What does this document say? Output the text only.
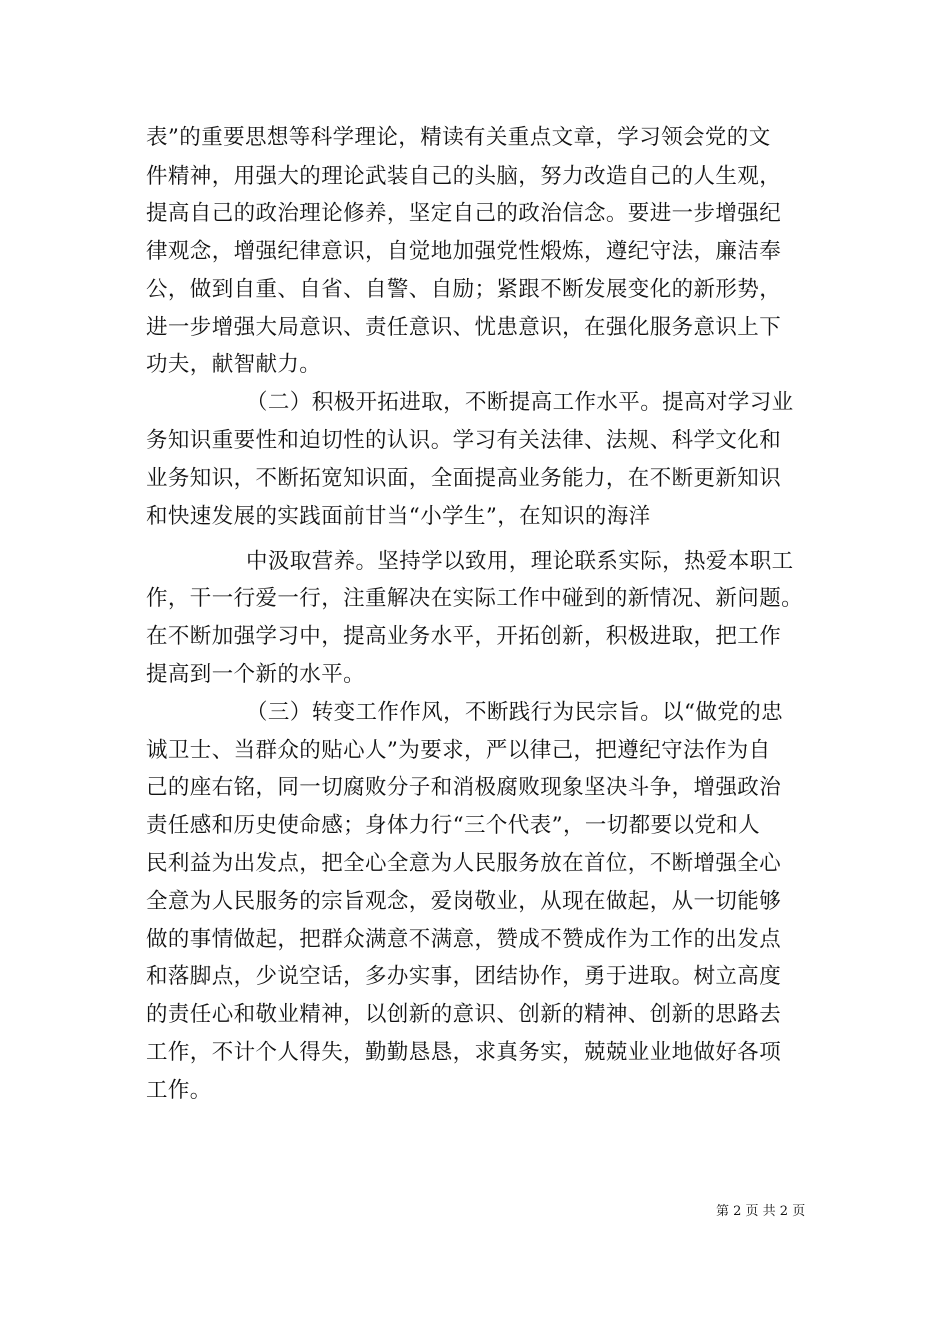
表”的重要思想等科学理论，精读有关重点文章，学习领会党的文
件精神，用强大的理论武装自己的头脑，努力改造自己的人生观，
提高自己的政治理论修养，坚定自己的政治信念。要进一步增强纪
律观念，增强纪律意识，自觉地加强党性煅炼，遵纪守法，廉洁奉
公，做到自重、自省、自警、自励；紧跟不断发展变化的新形势，
进一步增强大局意识、责任意识、忧患意识，在强化服务意识上下
功夫，献智献力。
（二）积极开拓进取，不断提高工作水平。提高对学习业
务知识重要性和迫切性的认识。学习有关法律、法规、科学文化和
业务知识，不断拓宽知识面，全面提高业务能力，在不断更新知识
和快速发展的实践面前甘当“小学生”，在知识的海洋
中汲取营养。坚持学以致用，理论联系实际，热爱本职工
作，干一行爱一行，注重解决在实际工作中碰到的新情况、新问题。
在不断加强学习中，提高业务水平，开拓创新，积极进取，把工作
提高到一个新的水平。
（三）转变工作作风，不断践行为民宗旨。以“做党的忠
诚卫士、当群众的贴心人”为要求，严以律己，把遵纪守法作为自
己的座右铭，同一切腐败分子和消极腐败现象坚决斗争，增强政治
责任感和历史使命感；身体力行“三个代表”，一切都要以党和人
民利益为出发点，把全心全意为人民服务放在首位，不断增强全心
全意为人民服务的宗旨观念，爱岗敬业，从现在做起，从一切能够
做的事情做起，把群众满意不满意，赞成不赞成作为工作的出发点
和落脚点，少说空话，多办实事，团结协作，勇于进取。树立高度
的责任心和敬业精神，以创新的意识、创新的精神、创新的思路去
工作，不计个人得失，勤勤恳恳，求真务实，兢兢业业地做好各项
工作。
第 2 页 共 2 页
